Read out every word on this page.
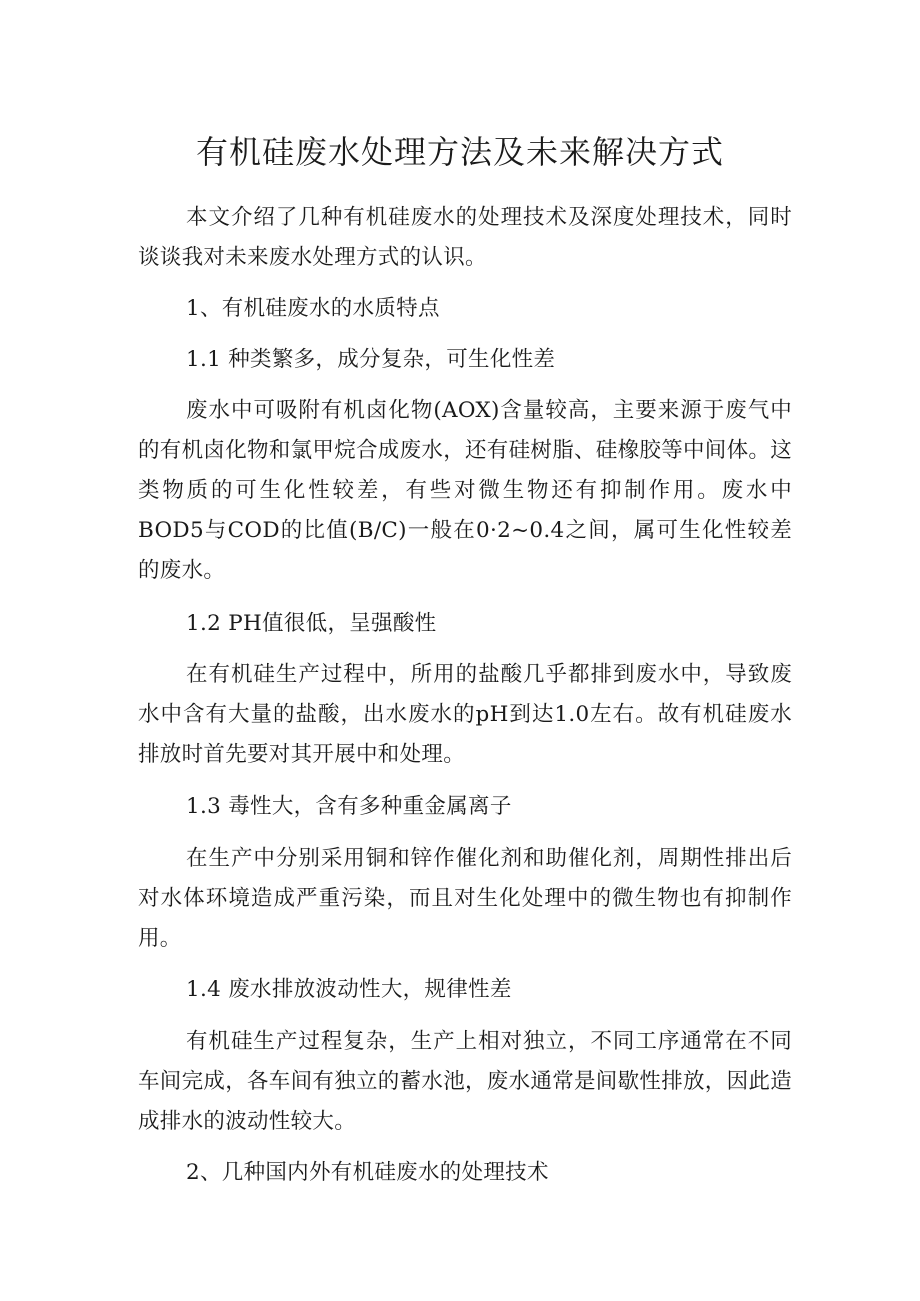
有机硅废水处理方法及未来解决方式

本文介绍了几种有机硅废水的处理技术及深度处理技术，同时谈谈我对未来废水处理方式的认识。

1、有机硅废水的水质特点

1.1 种类繁多，成分复杂，可生化性差

废水中可吸附有机卤化物(AOX)含量较高，主要来源于废气中的有机卤化物和氯甲烷合成废水，还有硅树脂、硅橡胶等中间体。这类物质的可生化性较差，有些对微生物还有抑制作用。废水中BOD5与COD的比值(B/C)一般在0·2~0.4之间，属可生化性较差的废水。

1.2 PH值很低，呈强酸性

在有机硅生产过程中，所用的盐酸几乎都排到废水中，导致废水中含有大量的盐酸，出水废水的pH到达1.0左右。故有机硅废水排放时首先要对其开展中和处理。

1.3 毒性大，含有多种重金属离子

在生产中分别采用铜和锌作催化剂和助催化剂，周期性排出后对水体环境造成严重污染，而且对生化处理中的微生物也有抑制作用。

1.4 废水排放波动性大，规律性差

有机硅生产过程复杂，生产上相对独立，不同工序通常在不同车间完成，各车间有独立的蓄水池，废水通常是间歇性排放，因此造成排水的波动性较大。

2、几种国内外有机硅废水的处理技术
